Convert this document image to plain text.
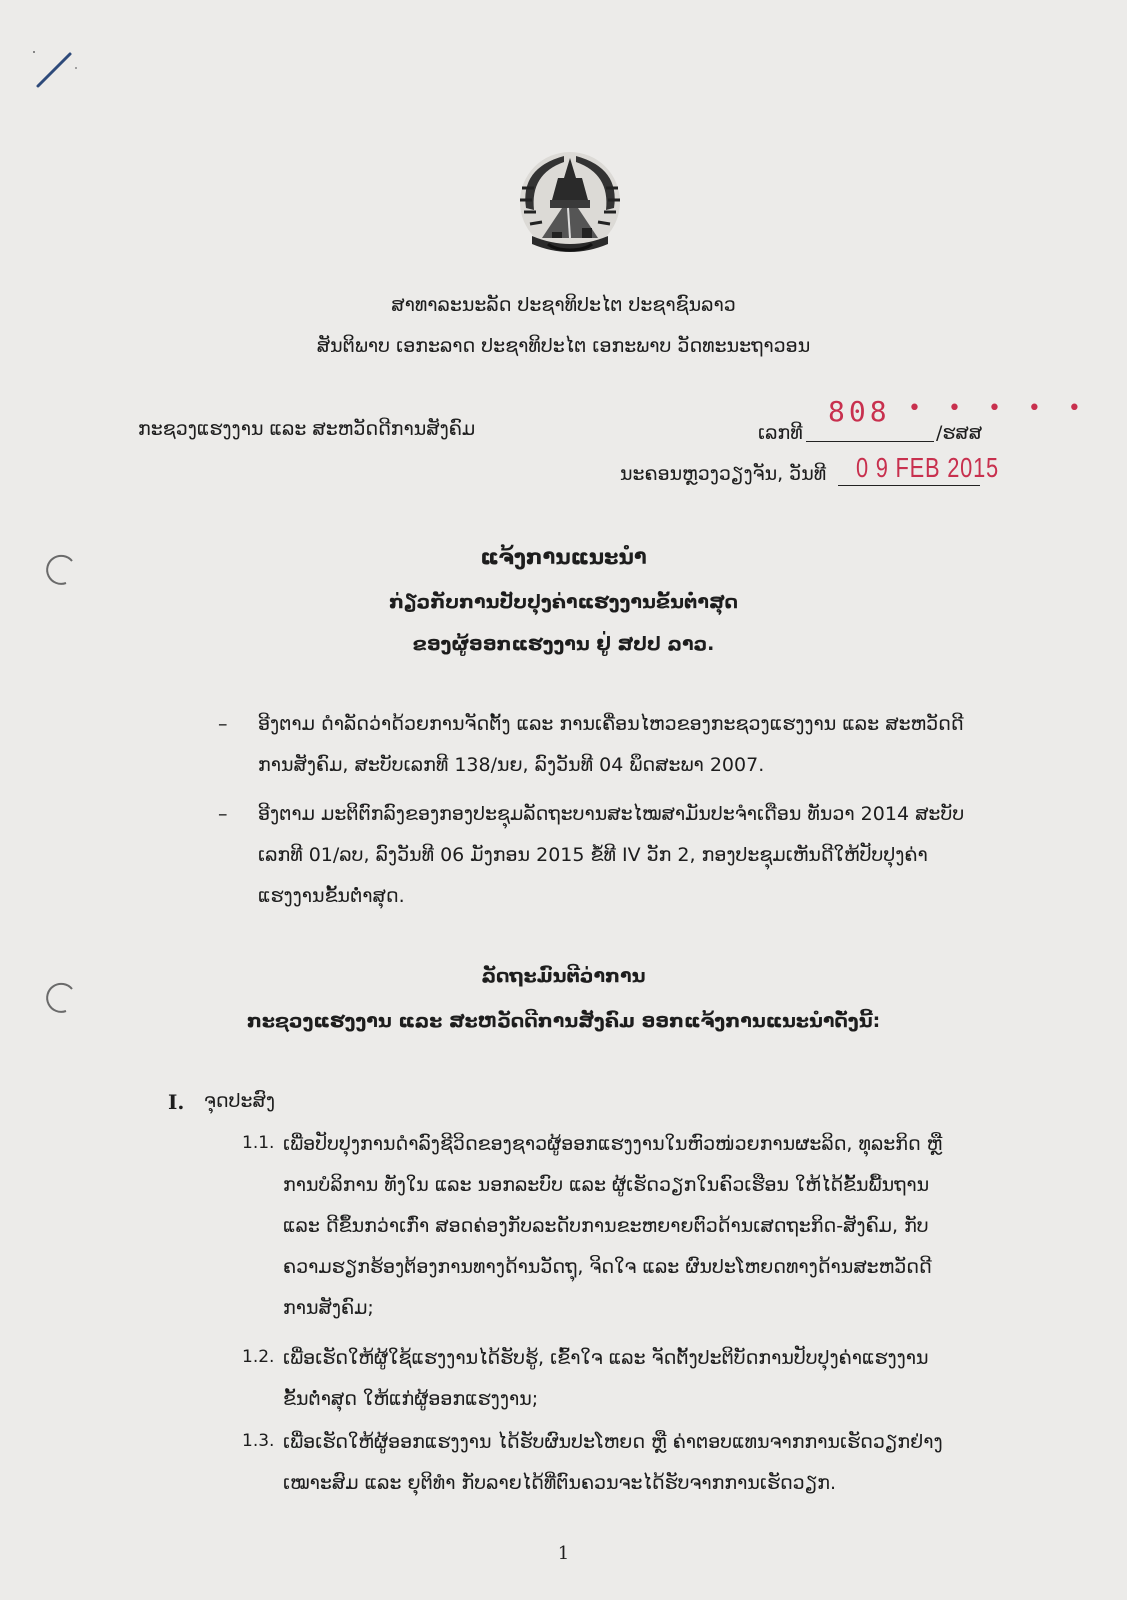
ສາທາລະນະລັດ ປະຊາທິປະໄຕ ປະຊາຊົນລາວ
ສັນຕິພາບ ເອກະລາດ ປະຊາທິປະໄຕ ເອກະພາບ ວັດທະນະຖາວອນ
ກະຊວງແຮງງານ ແລະ ສະຫວັດດີການສັງຄົມ	ເລກທີ	/ຮສສ
808 • • • • •
ນະຄອນຫຼວງວຽງຈັນ, ວັນທີ 0 9 FEB 2015
ແຈ້ງການແນະນຳ
ກ່ຽວກັບການປັບປຸງຄ່າແຮງງານຂັ້ນຕ່ຳສຸດ
ຂອງຜູ້ອອກແຮງງານ ຢູ່ ສປປ ລາວ.
– ອີງຕາມ ດຳລັດວ່າດ້ວຍການຈັດຕັ້ງ ແລະ ການເຄື່ອນໄຫວຂອງກະຊວງແຮງງານ ແລະ ສະຫວັດດີ
ການສັງຄົມ, ສະບັບເລກທີ 138/ນຍ, ລົງວັນທີ 04 ພຶດສະພາ 2007.
– ອີງຕາມ ມະຕິຕົກລົງຂອງກອງປະຊຸມລັດຖະບານສະໄໝສາມັນປະຈຳເດືອນ ທັນວາ 2014 ສະບັບ
ເລກທີ 01/ລບ, ລົງວັນທີ 06 ມັງກອນ 2015 ຂໍ້ທີ IV ວັກ 2, ກອງປະຊຸມເຫັນດີໃຫ້ປັບປຸງຄ່າ
ແຮງງານຂັ້ນຕ່ຳສຸດ.
ລັດຖະມົນຕີວ່າການ
ກະຊວງແຮງງານ ແລະ ສະຫວັດດີການສັງຄົມ ອອກແຈ້ງການແນະນຳດັ່ງນີ້:
I. ຈຸດປະສົງ
1.1. ເພື່ອປັບປຸງການດຳລົງຊີວິດຂອງຊາວຜູ້ອອກແຮງງານໃນຫົວໜ່ວຍການຜະລິດ, ທຸລະກິດ ຫຼື
ການບໍລິການ ທັງໃນ ແລະ ນອກລະບົບ ແລະ ຜູ້ເຮັດວຽກໃນຄົວເຮືອນ ໃຫ້ໄດ້ຂັ້ນພື້ນຖານ
ແລະ ດີຂຶ້ນກວ່າເກົ່າ ສອດຄ່ອງກັບລະດັບການຂະຫຍາຍຕົວດ້ານເສດຖະກິດ-ສັງຄົມ, ກັບ
ຄວາມຮຽກຮ້ອງຕ້ອງການທາງດ້ານວັດຖຸ, ຈິດໃຈ ແລະ ຜົນປະໂຫຍດທາງດ້ານສະຫວັດດີ
ການສັງຄົມ;
1.2. ເພື່ອເຮັດໃຫ້ຜູ້ໃຊ້ແຮງງານໄດ້ຮັບຮູ້, ເຂົ້າໃຈ ແລະ ຈັດຕັ້ງປະຕິບັດການປັບປຸງຄ່າແຮງງານ
ຂັ້ນຕ່ຳສຸດ ໃຫ້ແກ່ຜູ້ອອກແຮງງານ;
1.3. ເພື່ອເຮັດໃຫ້ຜູ້ອອກແຮງງານ ໄດ້ຮັບຜົນປະໂຫຍດ ຫຼື ຄ່າຕອບແທນຈາກການເຮັດວຽກຢ່າງ
ເໝາະສົມ ແລະ ຍຸຕິທຳ ກັບລາຍໄດ້ທີ່ຕົນຄວນຈະໄດ້ຮັບຈາກການເຮັດວຽກ.
1
